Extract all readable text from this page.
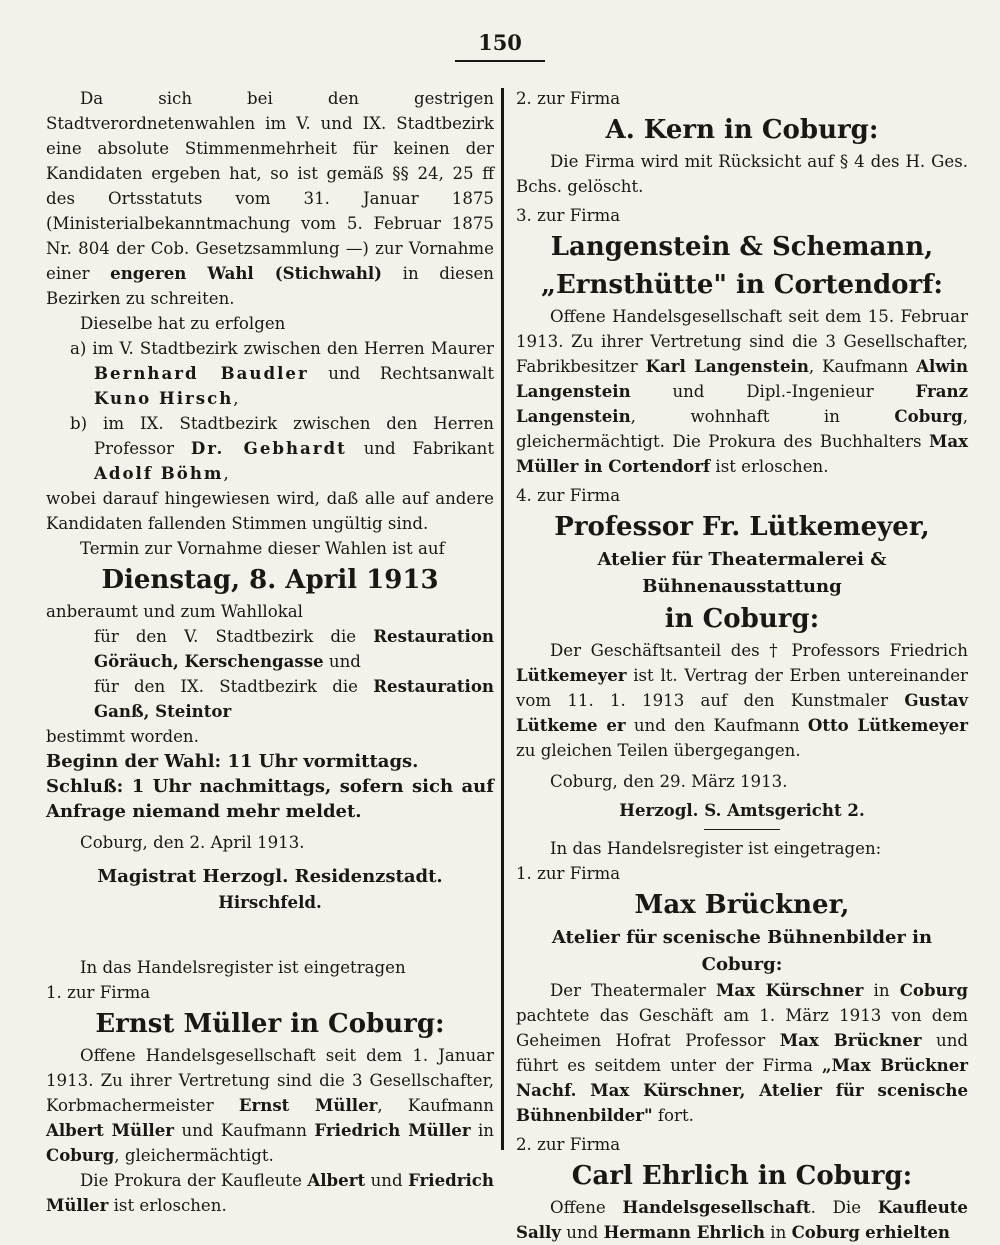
150

Da sich bei den gestrigen Stadtverordnetenwahlen im V. und IX. Stadtbezirk eine absolute Stimmenmehrheit für keinen der Kandidaten ergeben hat, so ist gemäß §§ 24, 25 ff des Ortsstatuts vom 31. Januar 1875 (Ministerialbekanntmachung vom 5. Februar 1875 Nr. 804 der Cob. Gesetzsammlung —) zur Vornahme einer engeren Wahl (Stichwahl) in diesen Bezirken zu schreiten.

Dieselbe hat zu erfolgen

a) im V. Stadtbezirk zwischen den Herren Maurer Bernhard Baudler und Rechtsanwalt Kuno Hirsch,

b) im IX. Stadtbezirk zwischen den Herren Professor Dr. Gebhardt und Fabrikant Adolf Böhm,

wobei darauf hingewiesen wird, daß alle auf andere Kandidaten fallenden Stimmen ungültig sind.

Termin zur Vornahme dieser Wahlen ist auf

Dienstag, 8. April 1913

anberaumt und zum Wahllokal

für den V. Stadtbezirk die Restauration Göräuch, Kerschengasse und

für den IX. Stadtbezirk die Restauration Ganß, Steintor

bestimmt worden.

Beginn der Wahl: 11 Uhr vormittags.

Schluß: 1 Uhr nachmittags, sofern sich auf Anfrage niemand mehr meldet.

Coburg, den 2. April 1913.

Magistrat Herzogl. Residenzstadt.

Hirschfeld.

In das Handelsregister ist eingetragen

1. zur Firma

Ernst Müller in Coburg:

Offene Handelsgesellschaft seit dem 1. Januar 1913. Zu ihrer Vertretung sind die 3 Gesellschafter, Korbmachermeister Ernst Müller, Kaufmann Albert Müller und Kaufmann Friedrich Müller in Coburg, gleichermächtigt.

Die Prokura der Kaufleute Albert und Friedrich Müller ist erloschen.

2. zur Firma

A. Kern in Coburg:

Die Firma wird mit Rücksicht auf § 4 des H. Ges. Bchs. gelöscht.

3. zur Firma

Langenstein & Schemann,

„Ernsthütte" in Cortendorf:

Offene Handelsgesellschaft seit dem 15. Februar 1913. Zu ihrer Vertretung sind die 3 Gesellschafter, Fabrikbesitzer Karl Langenstein, Kaufmann Alwin Langenstein	und Dipl.-Ingenieur	Franz Langenstein, wohnhaft in	Coburg, gleichermächtigt. Die Prokura des Buchhalters Max Müller in Cortendorf ist erloschen.

4. zur Firma

Professor Fr. Lütkemeyer,

Atelier für Theatermalerei & Bühnenausstattung

in Coburg:

Der Geschäftsanteil des † Professors Friedrich Lütkemeyer ist lt. Vertrag der Erben untereinander vom 11. 1. 1913 auf den Kunstmaler Gustav Lütkeme er und den Kaufmann Otto Lütkemeyer zu gleichen Teilen übergegangen.

Coburg, den 29. März 1913.

Herzogl. S. Amtsgericht 2.

In das Handelsregister ist eingetragen:

1. zur Firma

Max Brückner,

Atelier für scenische Bühnenbilder in Coburg:

Der Theatermaler Max Kürschner in Coburg pachtete das Geschäft am 1. März 1913 von dem Geheimen Hofrat Professor Max Brückner und führt es seitdem unter der Firma „Max Brückner Nachf. Max Kürschner, Atelier für scenische Bühnenbilder" fort.

2. zur Firma

Carl Ehrlich in Coburg:

Offene Handelsgesellschaft. Die Kaufleute Sally und Hermann Ehrlich in Coburg erhielten
